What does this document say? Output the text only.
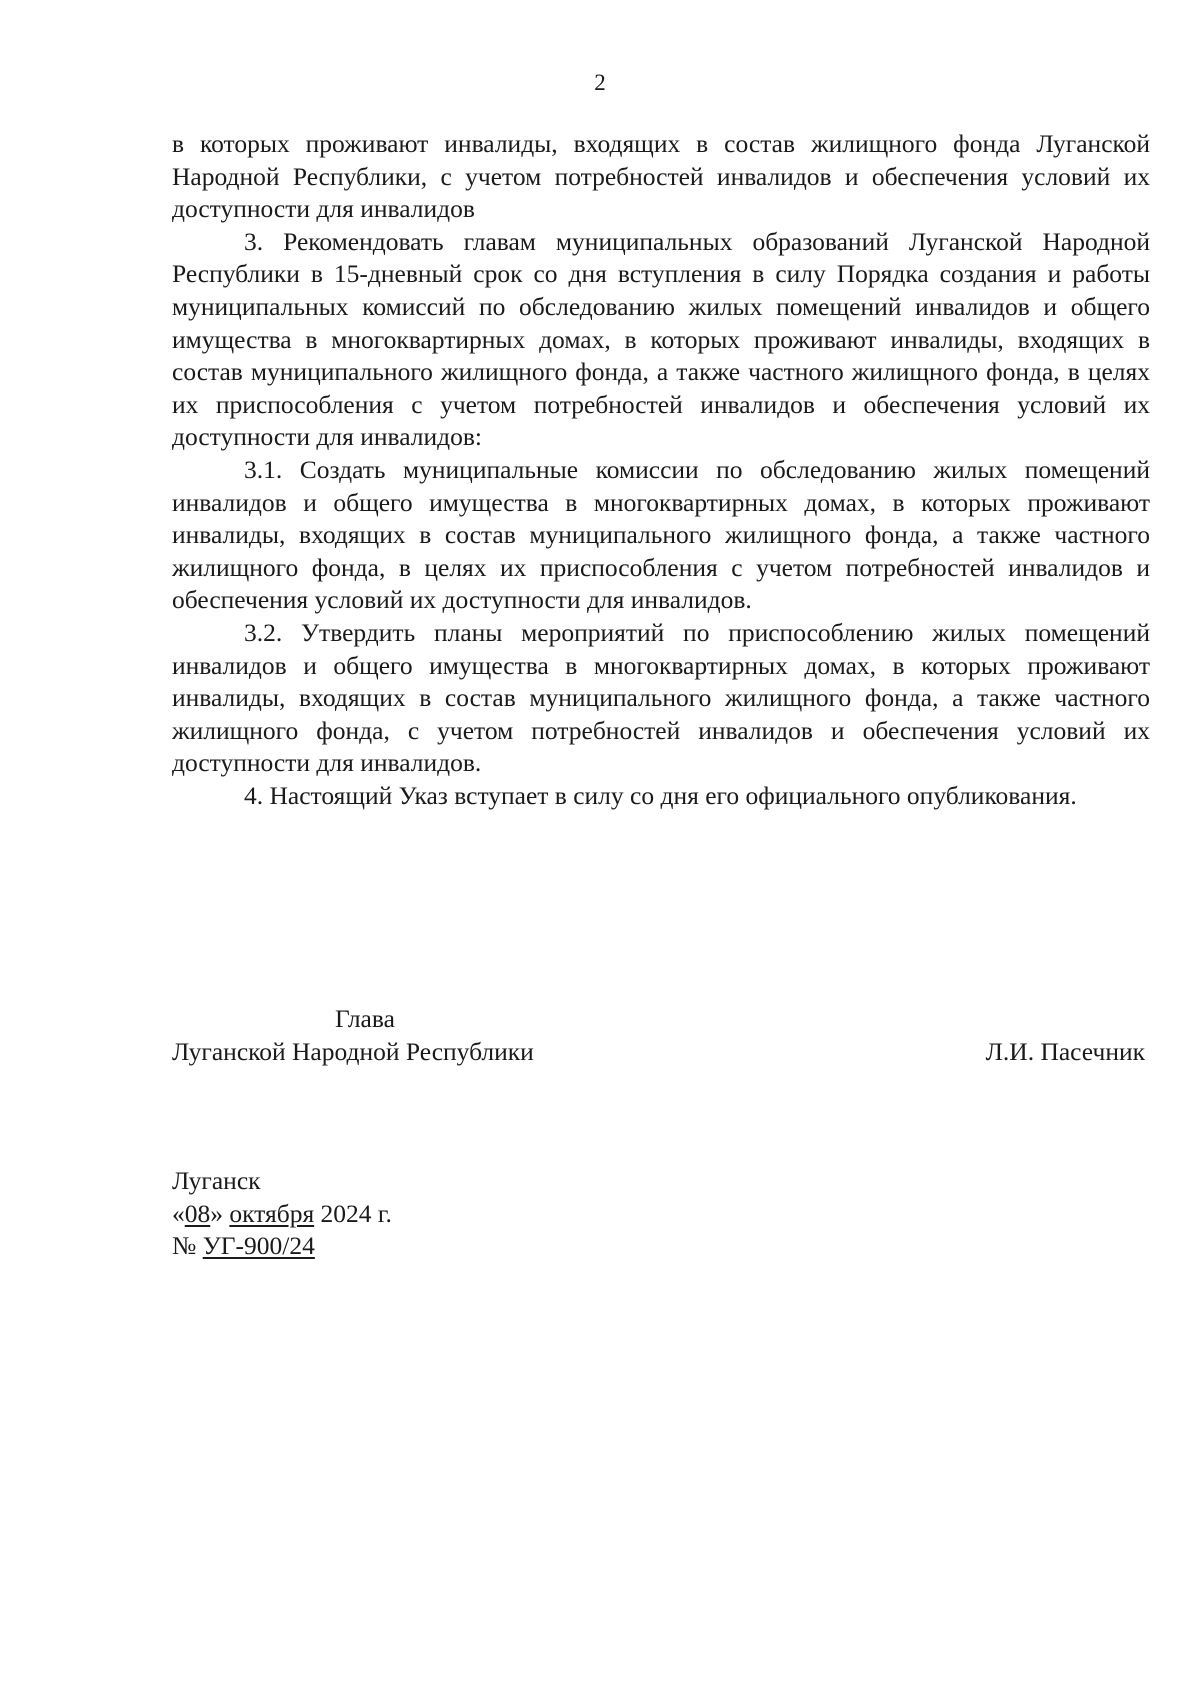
2

в которых проживают инвалиды, входящих в состав жилищного фонда Луганской Народной Республики, с учетом потребностей инвалидов и обеспечения условий их доступности для инвалидов

3. Рекомендовать главам муниципальных образований Луганской Народной Республики в 15-дневный срок со дня вступления в силу Порядка создания и работы муниципальных комиссий по обследованию жилых помещений инвалидов и общего имущества в многоквартирных домах, в которых проживают инвалиды, входящих в состав муниципального жилищного фонда, а также частного жилищного фонда, в целях их приспособления с учетом потребностей инвалидов и обеспечения условий их доступности для инвалидов:

3.1. Создать муниципальные комиссии по обследованию жилых помещений инвалидов и общего имущества в многоквартирных домах, в которых проживают инвалиды, входящих в состав муниципального жилищного фонда, а также частного жилищного фонда, в целях их приспособления с учетом потребностей инвалидов и обеспечения условий их доступности для инвалидов.

3.2. Утвердить планы мероприятий по приспособлению жилых помещений инвалидов и общего имущества в многоквартирных домах, в которых проживают инвалиды, входящих в состав муниципального жилищного фонда, а также частного жилищного фонда, с учетом потребностей инвалидов и обеспечения условий их доступности для инвалидов.

4. Настоящий Указ вступает в силу со дня его официального опубликования.

Глава
Луганской Народной Республики	Л.И. Пасечник
Луганск
«08» октября 2024 г.
№ УГ-900/24
